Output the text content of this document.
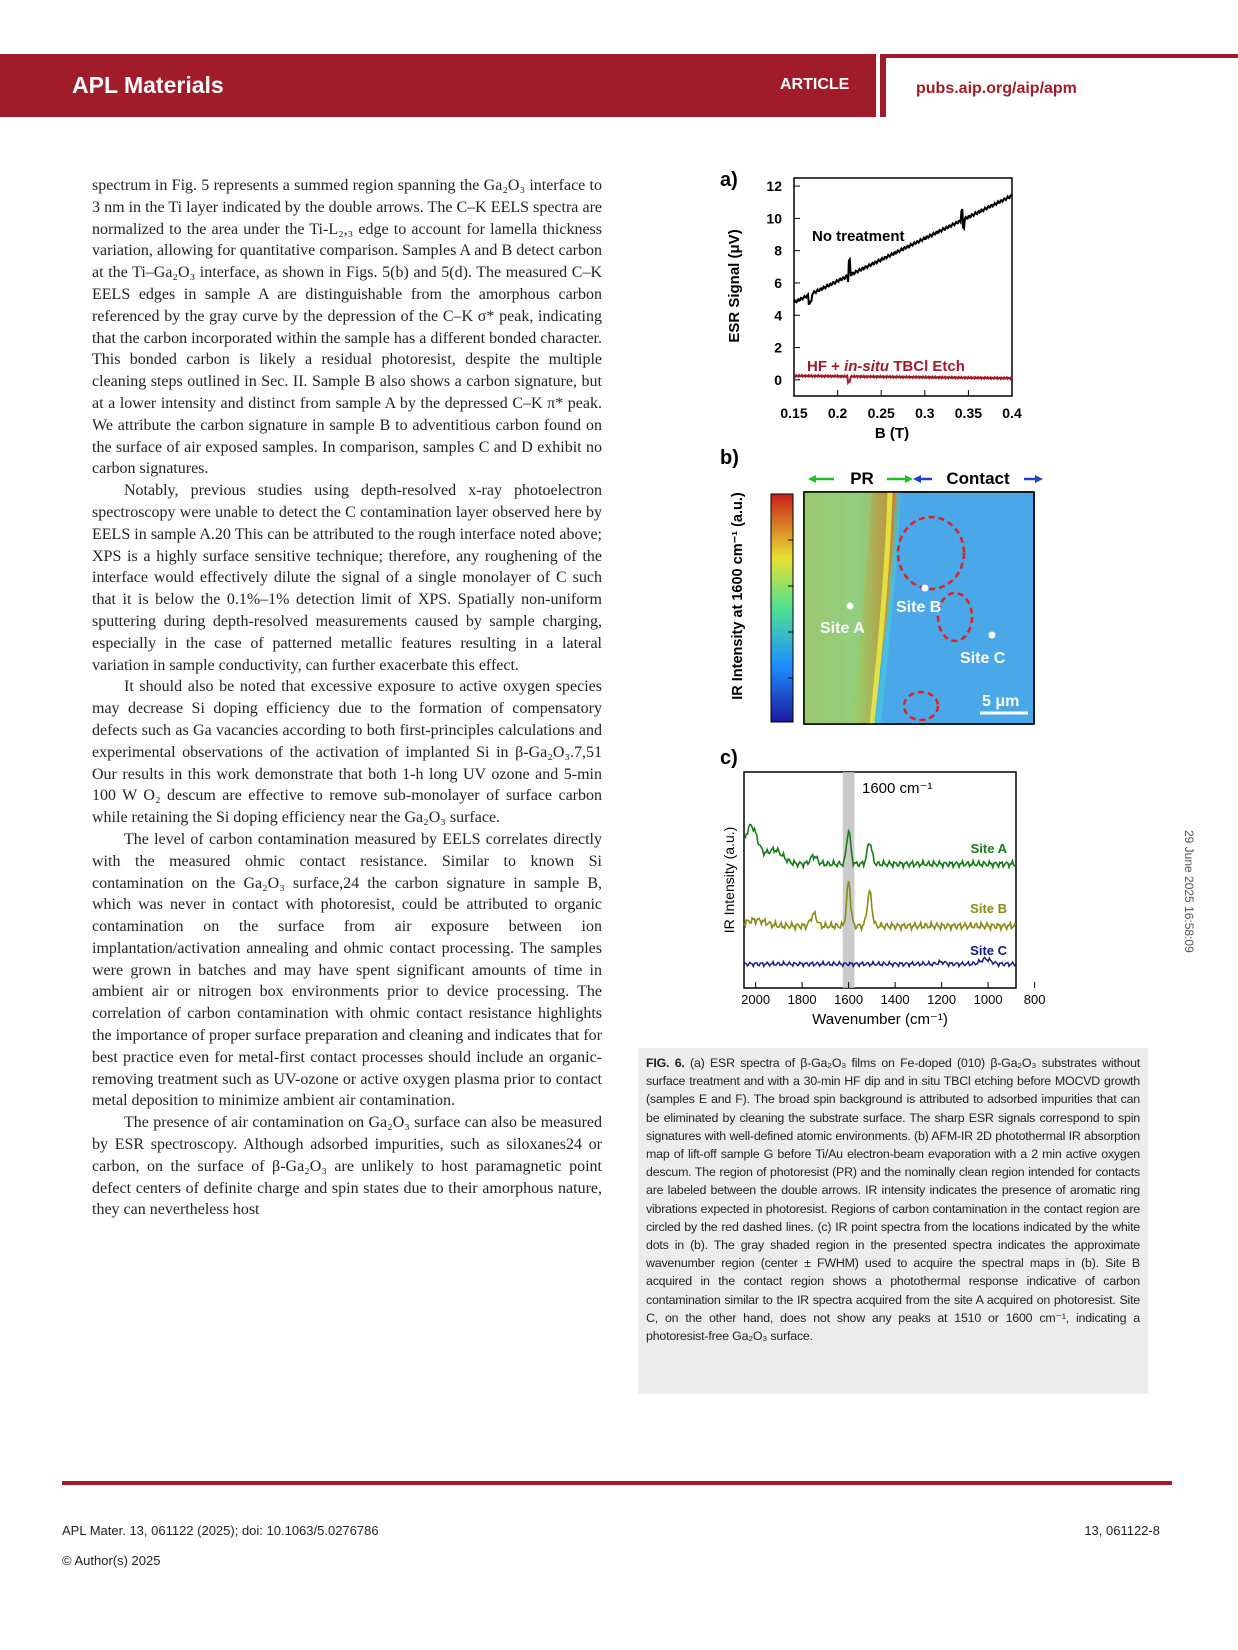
APL Materials	ARTICLE	pubs.aip.org/aip/apm

spectrum in Fig. 5 represents a summed region spanning the Ga₂O₃ interface to 3 nm in the Ti layer indicated by the double arrows. The C–K EELS spectra are normalized to the area under the Ti-L₂,₃ edge to account for lamella thickness variation, allowing for quantitative comparison. Samples A and B detect carbon at the Ti–Ga₂O₃ interface, as shown in Figs. 5(b) and 5(d). The measured C–K EELS edges in sample A are distinguishable from the amorphous carbon referenced by the gray curve by the depression of the C–K σ* peak, indicating that the carbon incorporated within the sample has a different bonded character. This bonded carbon is likely a residual photoresist, despite the multiple cleaning steps outlined in Sec. II. Sample B also shows a carbon signature, but at a lower intensity and distinct from sample A by the depressed C–K π* peak. We attribute the carbon signature in sample B to adventitious carbon found on the surface of air exposed samples. In comparison, samples C and D exhibit no carbon signatures.

Notably, previous studies using depth-resolved x-ray photoelectron spectroscopy were unable to detect the C contamination layer observed here by EELS in sample A.20 This can be attributed to the rough interface noted above; XPS is a highly surface sensitive technique; therefore, any roughening of the interface would effectively dilute the signal of a single monolayer of C such that it is below the 0.1%–1% detection limit of XPS. Spatially non-uniform sputtering during depth-resolved measurements caused by sample charging, especially in the case of patterned metallic features resulting in a lateral variation in sample conductivity, can further exacerbate this effect.

It should also be noted that excessive exposure to active oxygen species may decrease Si doping efficiency due to the formation of compensatory defects such as Ga vacancies according to both first-principles calculations and experimental observations of the activation of implanted Si in β-Ga₂O₃.7,51 Our results in this work demonstrate that both 1-h long UV ozone and 5-min 100 W O₂ descum are effective to remove sub-monolayer of surface carbon while retaining the Si doping efficiency near the Ga₂O₃ surface.

The level of carbon contamination measured by EELS correlates directly with the measured ohmic contact resistance. Similar to known Si contamination on the Ga₂O₃ surface,24 the carbon signature in sample B, which was never in contact with photoresist, could be attributed to organic contamination on the surface from air exposure between ion implantation/activation annealing and ohmic contact processing. The samples were grown in batches and may have spent significant amounts of time in ambient air or nitrogen box environments prior to device processing. The correlation of carbon contamination with ohmic contact resistance highlights the importance of proper surface preparation and cleaning and indicates that for best practice even for metal-first contact processes should include an organic-removing treatment such as UV-ozone or active oxygen plasma prior to contact metal deposition to minimize ambient air contamination.

The presence of air contamination on Ga₂O₃ surface can also be measured by ESR spectroscopy. Although adsorbed impurities, such as siloxanes24 or carbon, on the surface of β-Ga₂O₃ are unlikely to host paramagnetic point defect centers of definite charge and spin states due to their amorphous nature, they can nevertheless host

a)
ESR Signal (μV)
B (T)
0
2
4
6
8
10
12
0.15 0.2 0.25 0.3 0.35 0.4
No treatment
HF + in-situ TBCl Etch
b)
IR Intensity at 1600 cm⁻¹ (a.u.)	Site A
Site B
Site C
5 μm
PR	Contact
c)
1600 cm⁻¹
IR Intensity (a.u.)
Wavenumber (cm⁻¹)
2000 1800 1600 1400 1200 1000 800
Site A
Site B
Site C
FIG. 6. (a) ESR spectra of β-Ga₂O₃ films on Fe-doped (010) β-Ga₂O₃ substrates without surface treatment and with a 30-min HF dip and in situ TBCl etching before MOCVD growth (samples E and F). The broad spin background is attributed to adsorbed impurities that can be eliminated by cleaning the substrate surface. The sharp ESR signals correspond to spin signatures with well-defined atomic environments. (b) AFM-IR 2D photothermal IR absorption map of lift-off sample G before Ti/Au electron-beam evaporation with a 2 min active oxygen descum. The region of photoresist (PR) and the nominally clean region intended for contacts are labeled between the double arrows. IR intensity indicates the presence of aromatic ring vibrations expected in photoresist. Regions of carbon contamination in the contact region are circled by the red dashed lines. (c) IR point spectra from the locations indicated by the white dots in (b). The gray shaded region in the presented spectra indicates the approximate wavenumber region (center ± FWHM) used to acquire the spectral maps in (b). Site B acquired in the contact region shows a photothermal response indicative of carbon contamination similar to the IR spectra acquired from the site A acquired on photoresist. Site C, on the other hand, does not show any peaks at 1510 or 1600 cm⁻¹, indicating a photoresist-free Ga₂O₃ surface.
29 June 2025 16:58:09
APL Mater. 13, 061122 (2025); doi: 10.1063/5.0276786
© Author(s) 2025
13, 061122-8
